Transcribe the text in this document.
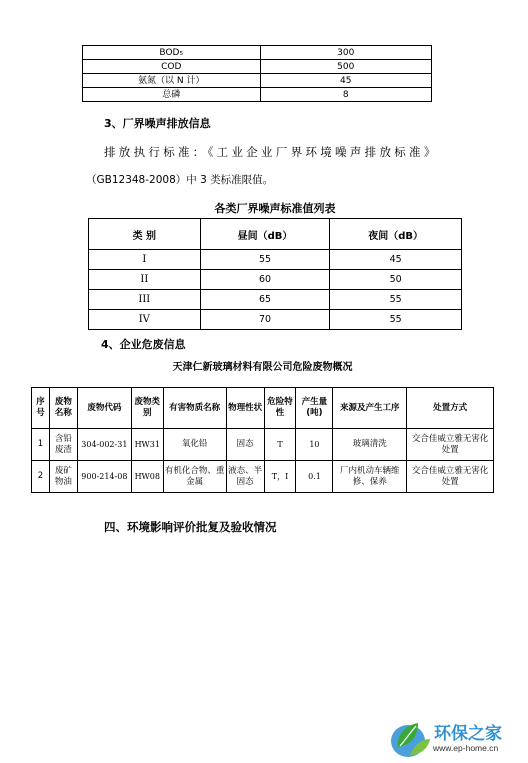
BOD₅	300
COD	500
氨氮（以 N 计）	45
总磷	8
3、厂界噪声排放信息
排放执行标准：《工业企业厂界环境噪声排放标准》
（GB12348-2008）中 3 类标准限值。
各类厂界噪声标准值列表
类 别	昼间（dB）	夜间（dB）
I	55	45
II	60	50
III	65	55
IV	70	55
4、企业危废信息
天津仁新玻璃材料有限公司危险废物概况
序号	废物名称	废物代码	废物类别	有害物质名称	物理性状	危险特性	产生量(吨)	来源及产生工序	处置方式
1	含铅废渣	304-002-31	HW31	氧化铅	固态	T	10	玻璃清洗	交合佳威立雅无害化处置
2	废矿物油	900-214-08	HW08	有机化合物、重金属	液态、半固态	T，I	0.1	厂内机动车辆维修、保养	交合佳威立雅无害化处置
四、环境影响评价批复及验收情况
环保之家
www.ep-home.cn
